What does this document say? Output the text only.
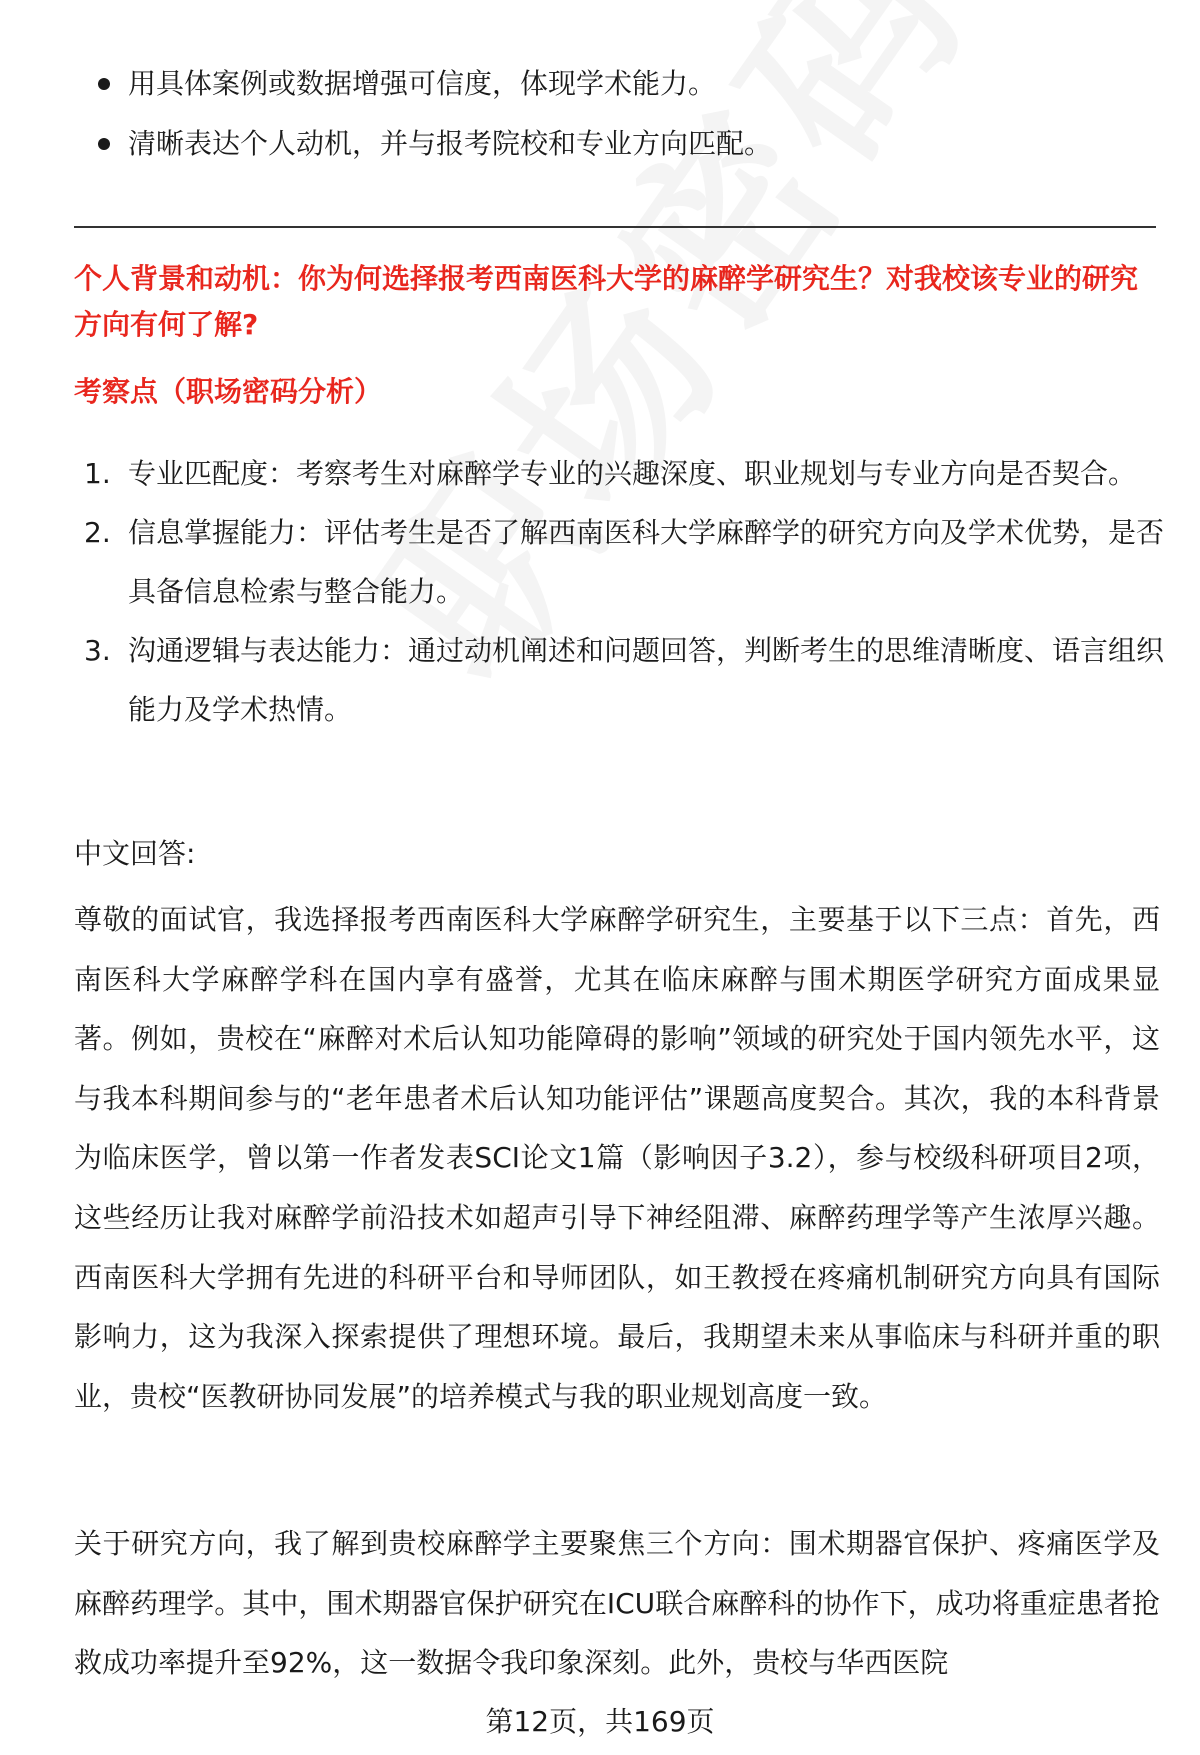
用具体案例或数据增强可信度，体现学术能力。
清晰表达个人动机，并与报考院校和专业方向匹配。

个人背景和动机：你为何选择报考西南医科大学的麻醉学研究生？对我校该专业的研究方向有何了解?

考察点（职场密码分析）

1. 专业匹配度：考察考生对麻醉学专业的兴趣深度、职业规划与专业方向是否契合。
2. 信息掌握能力：评估考生是否了解西南医科大学麻醉学的研究方向及学术优势，是否具备信息检索与整合能力。
3. 沟通逻辑与表达能力：通过动机阐述和问题回答，判断考生的思维清晰度、语言组织能力及学术热情。

中文回答:

尊敬的面试官，我选择报考西南医科大学麻醉学研究生，主要基于以下三点：首先，西南医科大学麻醉学科在国内享有盛誉，尤其在临床麻醉与围术期医学研究方面成果显著。例如，贵校在“麻醉对术后认知功能障碍的影响”领域的研究处于国内领先水平，这与我本科期间参与的“老年患者术后认知功能评估”课题高度契合。其次，我的本科背景为临床医学，曾以第一作者发表SCI论文1篇（影响因子3.2），参与校级科研项目2项，这些经历让我对麻醉学前沿技术如超声引导下神经阻滞、麻醉药理学等产生浓厚兴趣。西南医科大学拥有先进的科研平台和导师团队，如王教授在疼痛机制研究方向具有国际影响力，这为我深入探索提供了理想环境。最后，我期望未来从事临床与科研并重的职业，贵校“医教研协同发展”的培养模式与我的职业规划高度一致。

关于研究方向，我了解到贵校麻醉学主要聚焦三个方向：围术期器官保护、疼痛医学及麻醉药理学。其中，围术期器官保护研究在ICU联合麻醉科的协作下，成功将重症患者抢救成功率提升至92%，这一数据令我印象深刻。此外，贵校与华西医院

第12页，共169页
